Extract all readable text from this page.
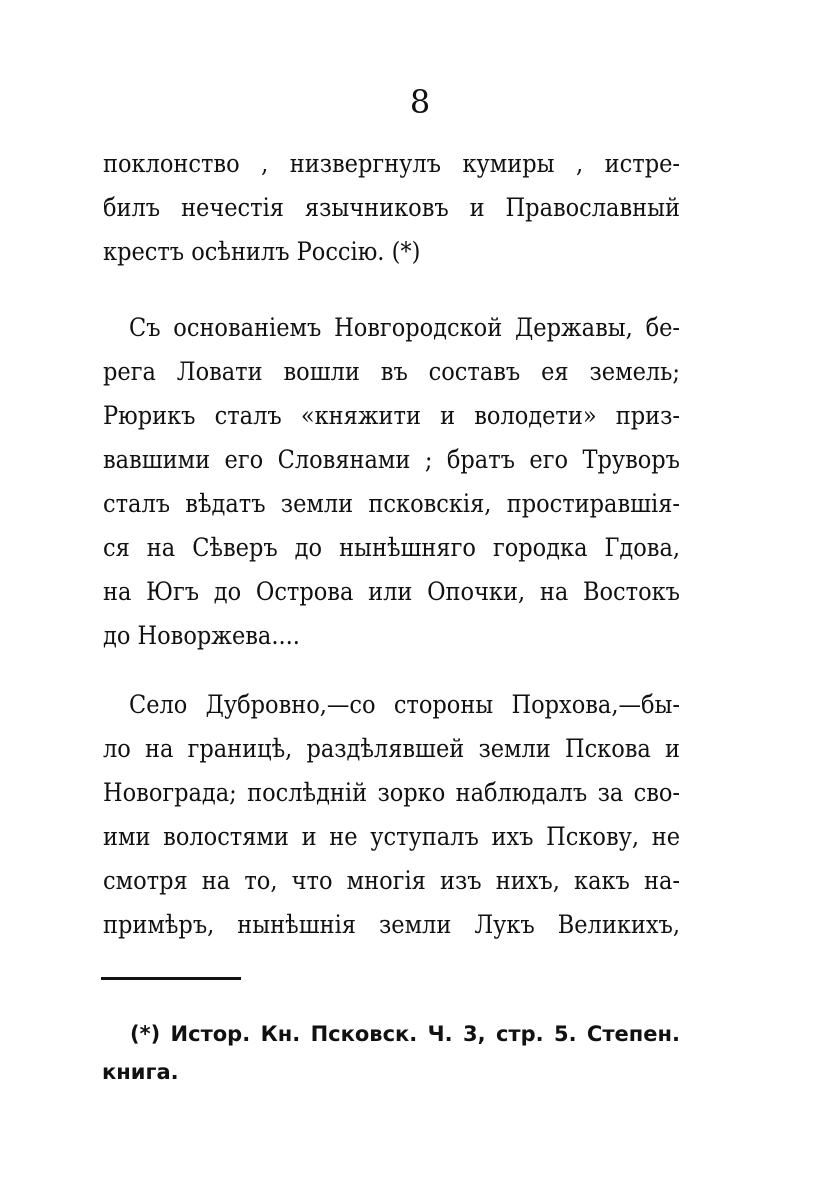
8
поклонство , низвергнулъ кумиры , истре-
билъ нечестія язычниковъ и Православный
крестъ осѣнилъ Россію. (*)
Съ основаніемъ Новгородской Державы, бе-
рега Ловати вошли въ составъ ея земель;
Рюрикъ сталъ «княжити и володети» приз-
вавшими его Словянами ; братъ его Труворъ
сталъ вѣдатъ земли псковскія, простиравшія-
ся на Сѣверъ до нынѣшняго городка Гдова,
на Югъ до Острова или Опочки, на Востокъ
до Новоржева....
Село Дубровно,—со стороны Порхова,—бы-
ло на границѣ, раздѣлявшей земли Пскова и
Новограда; послѣдній зорко наблюдалъ за сво-
ими волостями и не уступалъ ихъ Пскову, не
смотря на то, что многія изъ нихъ, какъ на-
примѣръ, нынѣшнія земли Лукъ Великихъ,
(*) Истор. Кн. Псковск. Ч. 3, стр. 5. Степен.
книга.
